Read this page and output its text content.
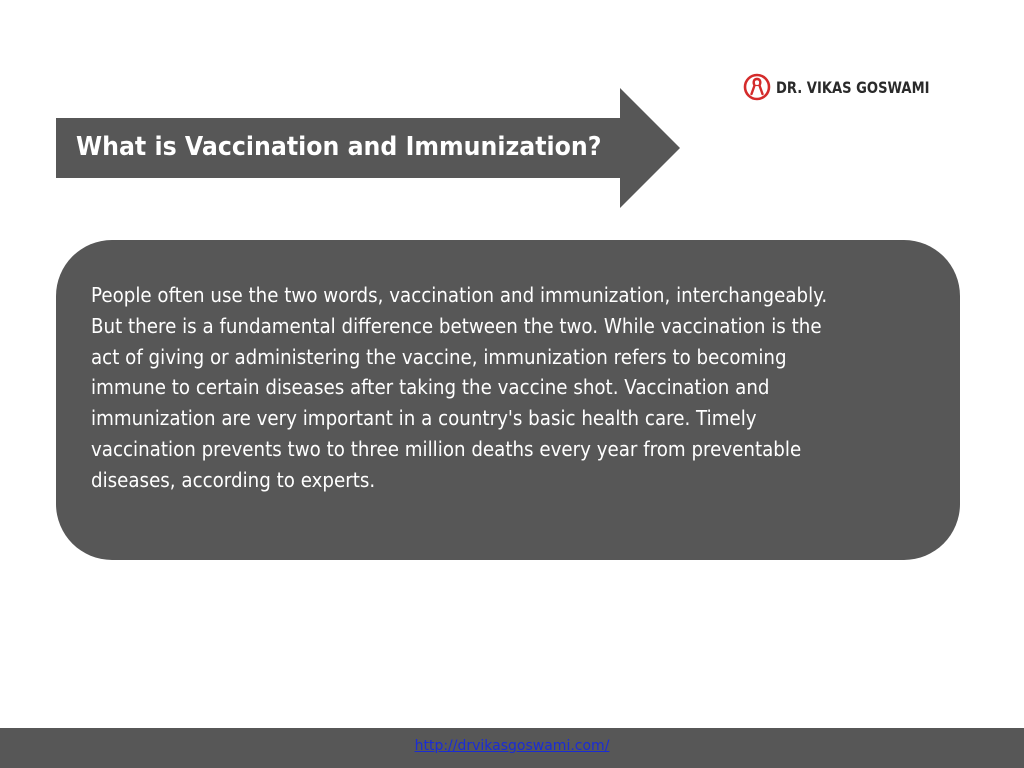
DR. VIKAS GOSWAMI
What is Vaccination and Immunization?

People often use the two words, vaccination and immunization, interchangeably.
But there is a fundamental difference between the two. While vaccination is the
act of giving or administering the vaccine, immunization refers to becoming
immune to certain diseases after taking the vaccine shot. Vaccination and
immunization are very important in a country's basic health care. Timely
vaccination prevents two to three million deaths every year from preventable
diseases, according to experts.

http://drvikasgoswami.com/
